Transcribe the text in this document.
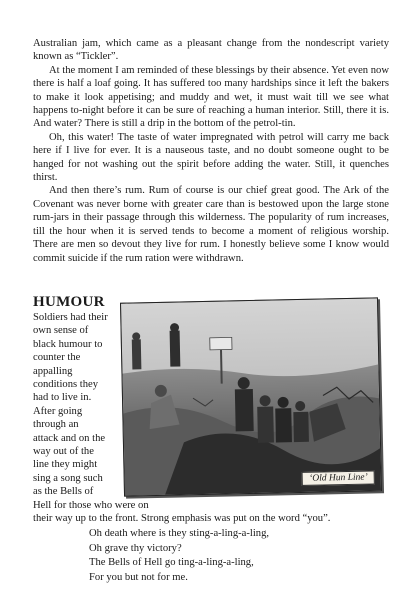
Australian jam, which came as a pleasant change from the nondescript variety known as “Tickler”.

At the moment I am reminded of these blessings by their absence. Yet even now there is half a loaf going. It has suffered too many hardships since it left the bakers to make it look appetising; and muddy and wet, it must wait till we see what happens to-night before it can be sure of reaching a human interior. Still, there it is. And water? There is still a drip in the bottom of the petrol-tin.

Oh, this water! The taste of water impregnated with petrol will carry me back here if I live for ever. It is a nauseous taste, and no doubt someone ought to be hanged for not washing out the spirit before adding the water. Still, it quenches thirst.

And then there’s rum. Rum of course is our chief great good. The Ark of the Covenant was never borne with greater care than is bestowed upon the large stone rum-jars in their passage through this wilderness. The popularity of rum increases, till the hour when it is served tends to become a moment of religious worship. There are men so devout they live for rum. I honestly believe some I know would commit suicide if the rum ration were withdrawn.

HUMOUR
Soldiers had their
own sense of
black humour to
counter the
appalling
conditions they
had to live in.
After going
through an
attack and on the
way out of the
line they might
sing a song such
as the Bells of
Hell for those who were on
their way up to the front. Strong emphasis was put on the word “you”.
Oh death where is they sting-a-ling-a-ling,
Oh grave thy victory?
The Bells of Hell go ting-a-ling-a-ling,
For you but not for me.
‘Old Hun Line’
